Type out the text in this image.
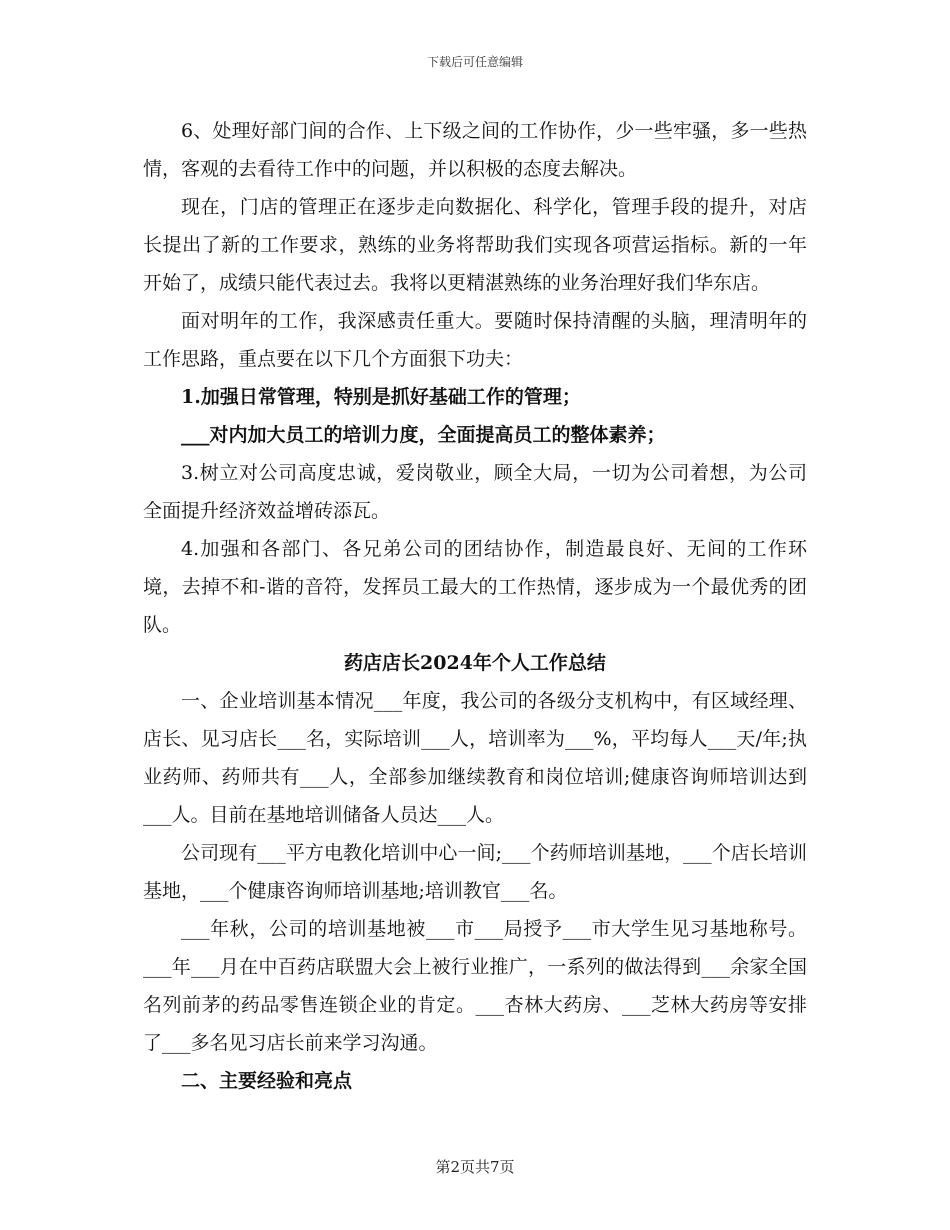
下载后可任意编辑

6、处理好部门间的合作、上下级之间的工作协作，少一些牢骚，多一些热情，客观的去看待工作中的问题，并以积极的态度去解决。

现在，门店的管理正在逐步走向数据化、科学化，管理手段的提升，对店长提出了新的工作要求，熟练的业务将帮助我们实现各项营运指标。新的一年开始了，成绩只能代表过去。我将以更精湛熟练的业务治理好我们华东店。

面对明年的工作，我深感责任重大。要随时保持清醒的头脑，理清明年的工作思路，重点要在以下几个方面狠下功夫：

1.加强日常管理，特别是抓好基础工作的管理；

___对内加大员工的培训力度，全面提高员工的整体素养；

3.树立对公司高度忠诚，爱岗敬业，顾全大局，一切为公司着想，为公司全面提升经济效益增砖添瓦。

4.加强和各部门、各兄弟公司的团结协作，制造最良好、无间的工作环境，去掉不和-谐的音符，发挥员工最大的工作热情，逐步成为一个最优秀的团队。

药店店长2024年个人工作总结

一、企业培训基本情况___年度，我公司的各级分支机构中，有区域经理、店长、见习店长___名，实际培训___人，培训率为___%，平均每人___天/年;执业药师、药师共有___人，全部参加继续教育和岗位培训;健康咨询师培训达到___人。目前在基地培训储备人员达___人。

公司现有___平方电教化培训中心一间;___个药师培训基地，___个店长培训基地，___个健康咨询师培训基地;培训教官___名。

___年秋，公司的培训基地被___市___局授予___市大学生见习基地称号。___年___月在中百药店联盟大会上被行业推广，一系列的做法得到___余家全国名列前茅的药品零售连锁企业的肯定。___杏林大药房、___芝林大药房等安排了___多名见习店长前来学习沟通。

二、主要经验和亮点

第2页共7页
